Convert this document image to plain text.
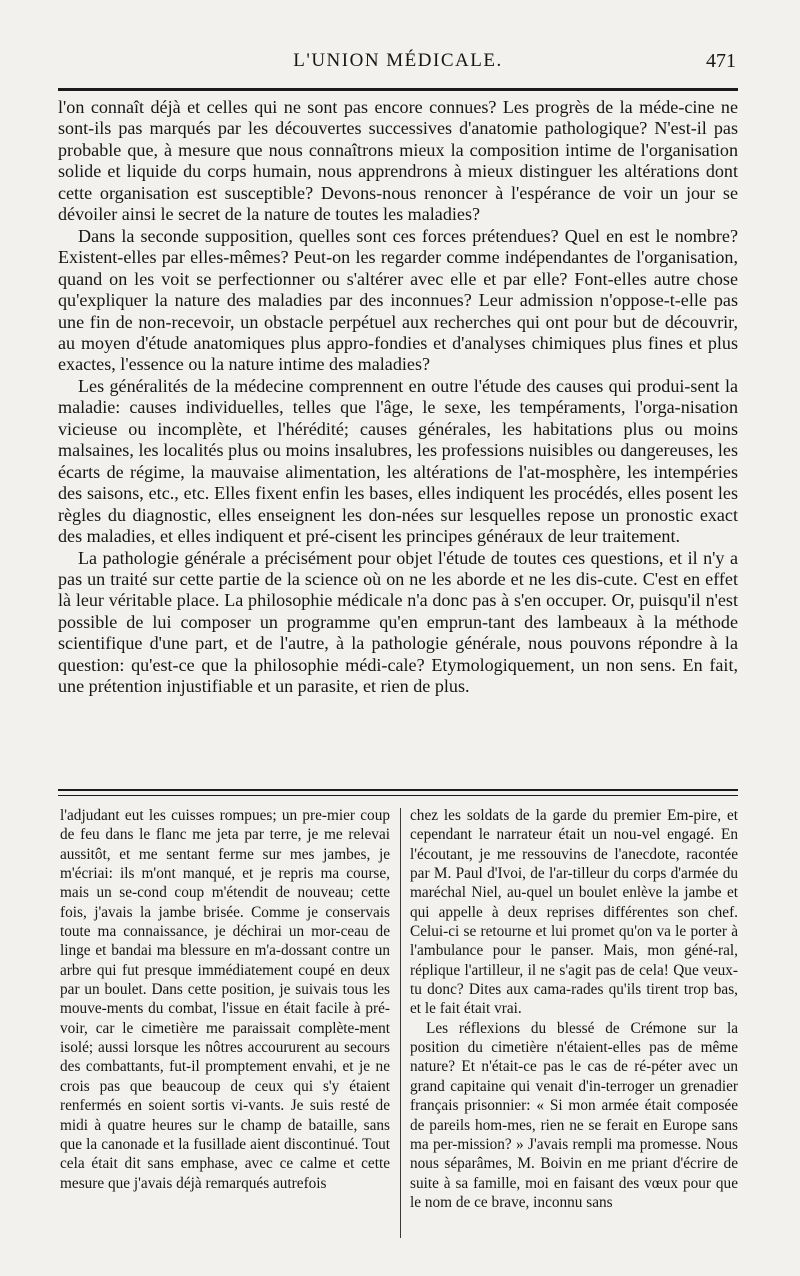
L'UNION MÉDICALE.	471

l'on connaît déjà et celles qui ne sont pas encore connues? Les progrès de la méde-cine ne sont-ils pas marqués par les découvertes successives d'anatomie pathologique? N'est-il pas probable que, à mesure que nous connaîtrons mieux la composition intime de l'organisation solide et liquide du corps humain, nous apprendrons à mieux distinguer les altérations dont cette organisation est susceptible? Devons-nous renoncer à l'espérance de voir un jour se dévoiler ainsi le secret de la nature de toutes les maladies?

Dans la seconde supposition, quelles sont ces forces prétendues? Quel en est le nombre? Existent-elles par elles-mêmes? Peut-on les regarder comme indépendantes de l'organisation, quand on les voit se perfectionner ou s'altérer avec elle et par elle? Font-elles autre chose qu'expliquer la nature des maladies par des inconnues? Leur admission n'oppose-t-elle pas une fin de non-recevoir, un obstacle perpétuel aux recherches qui ont pour but de découvrir, au moyen d'étude anatomiques plus appro-fondies et d'analyses chimiques plus fines et plus exactes, l'essence ou la nature intime des maladies?

Les généralités de la médecine comprennent en outre l'étude des causes qui produi-sent la maladie: causes individuelles, telles que l'âge, le sexe, les tempéraments, l'orga-nisation vicieuse ou incomplète, et l'hérédité; causes générales, les habitations plus ou moins malsaines, les localités plus ou moins insalubres, les professions nuisibles ou dangereuses, les écarts de régime, la mauvaise alimentation, les altérations de l'at-mosphère, les intempéries des saisons, etc., etc. Elles fixent enfin les bases, elles indiquent les procédés, elles posent les règles du diagnostic, elles enseignent les don-nées sur lesquelles repose un pronostic exact des maladies, et elles indiquent et pré-cisent les principes généraux de leur traitement.

La pathologie générale a précisément pour objet l'étude de toutes ces questions, et il n'y a pas un traité sur cette partie de la science où on ne les aborde et ne les dis-cute. C'est en effet là leur véritable place. La philosophie médicale n'a donc pas à s'en occuper. Or, puisqu'il n'est possible de lui composer un programme qu'en emprun-tant des lambeaux à la méthode scientifique d'une part, et de l'autre, à la pathologie générale, nous pouvons répondre à la question: qu'est-ce que la philosophie médi-cale? Etymologiquement, un non sens. En fait, une prétention injustifiable et un parasite, et rien de plus.

l'adjudant eut les cuisses rompues; un pre-mier coup de feu dans le flanc me jeta par terre, je me relevai aussitôt, et me sentant ferme sur mes jambes, je m'écriai: ils m'ont manqué, et je repris ma course, mais un se-cond coup m'étendit de nouveau; cette fois, j'avais la jambe brisée. Comme je conservais toute ma connaissance, je déchirai un mor-ceau de linge et bandai ma blessure en m'a-dossant contre un arbre qui fut presque immédiatement coupé en deux par un boulet. Dans cette position, je suivais tous les mouve-ments du combat, l'issue en était facile à pré-voir, car le cimetière me paraissait complète-ment isolé; aussi lorsque les nôtres accoururent au secours des combattants, fut-il promptement envahi, et je ne crois pas que beaucoup de ceux qui s'y étaient renfermés en soient sortis vi-vants. Je suis resté de midi à quatre heures sur le champ de bataille, sans que la canonade et la fusillade aient discontinué. Tout cela était dit sans emphase, avec ce calme et cette mesure que j'avais déjà remarqués autrefois

chez les soldats de la garde du premier Em-pire, et cependant le narrateur était un nou-vel engagé. En l'écoutant, je me ressouvins de l'anecdote, racontée par M. Paul d'Ivoi, de l'ar-tilleur du corps d'armée du maréchal Niel, au-quel un boulet enlève la jambe et qui appelle à deux reprises différentes son chef. Celui-ci se retourne et lui promet qu'on va le porter à l'ambulance pour le panser. Mais, mon géné-ral, réplique l'artilleur, il ne s'agit pas de cela! Que veux-tu donc? Dites aux cama-rades qu'ils tirent trop bas, et le fait était vrai.

Les réflexions du blessé de Crémone sur la position du cimetière n'étaient-elles pas de même nature? Et n'était-ce pas le cas de ré-péter avec un grand capitaine qui venait d'in-terroger un grenadier français prisonnier: « Si mon armée était composée de pareils hom-mes, rien ne se ferait en Europe sans ma per-mission? » J'avais rempli ma promesse. Nous nous séparâmes, M. Boivin en me priant d'écrire de suite à sa famille, moi en faisant des vœux pour que le nom de ce brave, inconnu sans
